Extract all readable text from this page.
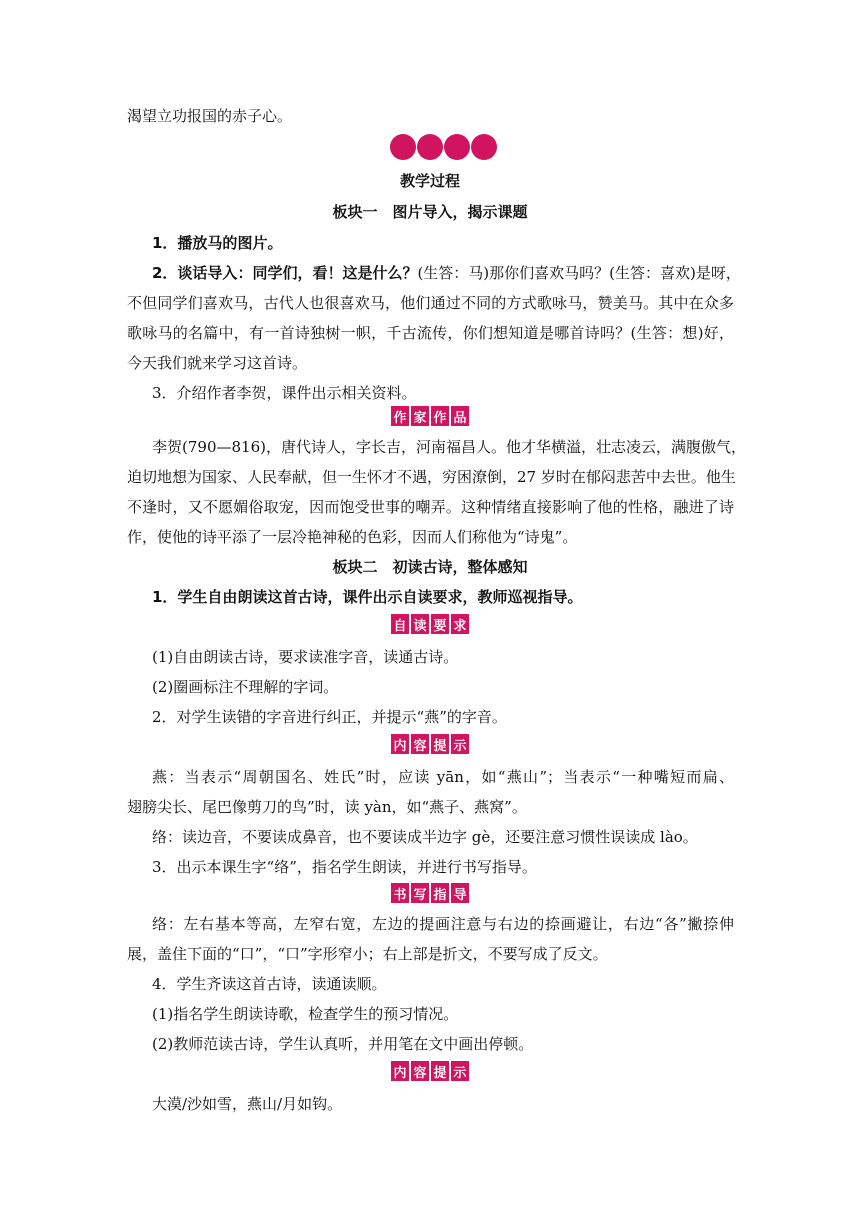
渴望立功报国的赤子心。
教学过程
板块一　图片导入，揭示课题
1．播放马的图片。
2．谈话导入：同学们，看！这是什么？(生答：马)那你们喜欢马吗？(生答：喜欢)是呀，
不但同学们喜欢马，古代人也很喜欢马，他们通过不同的方式歌咏马，赞美马。其中在众多
歌咏马的名篇中，有一首诗独树一帜，千古流传，你们想知道是哪首诗吗？(生答：想)好，
今天我们就来学习这首诗。
3．介绍作者李贺，课件出示相关资料。
作 家 作 品
李贺(790—816)，唐代诗人，字长吉，河南福昌人。他才华横溢，壮志凌云，满腹傲气，
迫切地想为国家、人民奉献，但一生怀才不遇，穷困潦倒，27 岁时在郁闷悲苦中去世。他生
不逢时，又不愿媚俗取宠，因而饱受世事的嘲弄。这种情绪直接影响了他的性格，融进了诗
作，使他的诗平添了一层冷艳神秘的色彩，因而人们称他为“诗鬼”。
板块二　初读古诗，整体感知
1．学生自由朗读这首古诗，课件出示自读要求，教师巡视指导。
自 读 要 求
(1)自由朗读古诗，要求读准字音，读通古诗。
(2)圈画标注不理解的字词。
2．对学生读错的字音进行纠正，并提示“燕”的字音。
内 容 提 示
燕：当表示“周朝国名、姓氏”时，应读 yān，如“燕山”；当表示“一种嘴短而扁、
翅膀尖长、尾巴像剪刀的鸟”时，读 yàn，如“燕子、燕窝”。
络：读边音，不要读成鼻音，也不要读成半边字 gè，还要注意习惯性误读成 lào。
3．出示本课生字“络”，指名学生朗读，并进行书写指导。
书 写 指 导
络：左右基本等高，左窄右宽，左边的提画注意与右边的捺画避让，右边“各”撇捺伸
展，盖住下面的“口”，“口”字形窄小；右上部是折文，不要写成了反文。
4．学生齐读这首古诗，读通读顺。
(1)指名学生朗读诗歌，检查学生的预习情况。
(2)教师范读古诗，学生认真听，并用笔在文中画出停顿。
内 容 提 示
大漠/沙如雪，燕山/月如钩。
